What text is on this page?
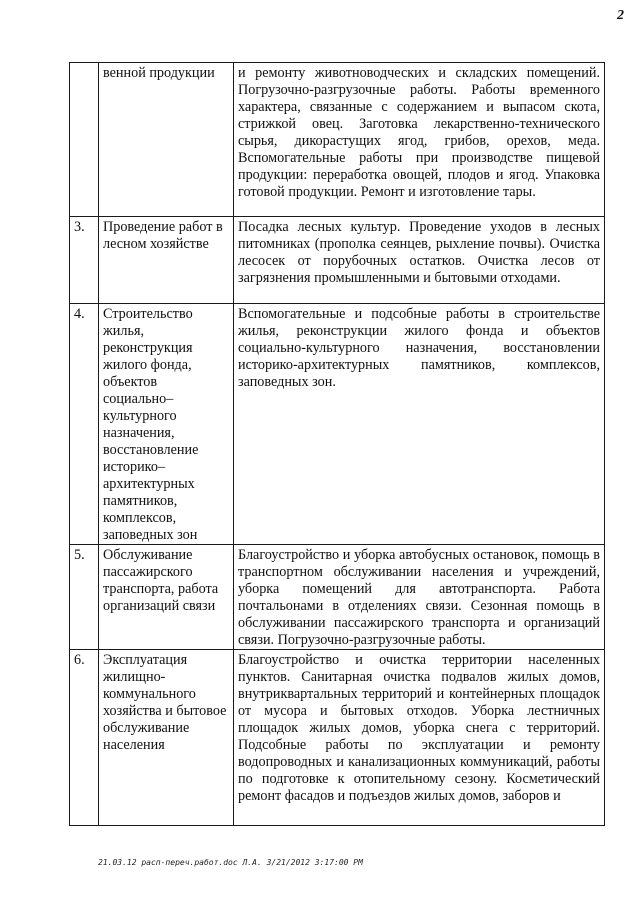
2
	венной продукции	и ремонту животноводческих и складских помещений. Погрузочно-разгрузочные работы. Работы временного характера, связанные с содержанием и выпасом скота, стрижкой овец. Заготовка лекарственно-технического сырья, дикорастущих ягод, грибов, орехов, меда. Вспомогательные работы при производстве пищевой продукции: переработка овощей, плодов и ягод. Упаковка готовой продукции. Ремонт и изготовление тары.
3.	Проведение работ в лесном хозяйстве	Посадка лесных культур. Проведение уходов в лесных питомниках (прополка сеянцев, рыхление почвы). Очистка лесосек от порубочных остатков. Очистка лесов от загрязнения промышленными и бытовыми отходами.
4.	Строительство жилья, реконструкция жилого фонда, объектов социально–культурного назначения, восстановление историко–архитектурных памятников, комплексов, заповедных зон	Вспомогательные и подсобные работы в строительстве жилья, реконструкции жилого фонда и объектов социально-культурного назначения, восстановлении историко-архитектурных памятников, комплексов, заповедных зон.
5.	Обслуживание пассажирского транспорта, работа организаций связи	Благоустройство и уборка автобусных остановок, помощь в транспортном обслуживании населения и учреждений, уборка помещений для автотранспорта. Работа почтальонами в отделениях связи. Сезонная помощь в обслуживании пассажирского транспорта и организаций связи. Погрузочно-разгрузочные работы.
6.	Эксплуатация жилищно-коммунального хозяйства и бытовое обслуживание населения	Благоустройство и очистка территории населенных пунктов. Санитарная очистка подвалов жилых домов, внутриквартальных территорий и контейнерных площадок от мусора и бытовых отходов. Уборка лестничных площадок жилых домов, уборка снега с территорий. Подсобные работы по эксплуатации и ремонту водопроводных и канализационных коммуникаций, работы по подготовке к отопительному сезону. Косметический ремонт фасадов и подъездов жилых домов, заборов и
21.03.12 расп-переч.работ.doc Л.А. 3/21/2012 3:17:00 PM
